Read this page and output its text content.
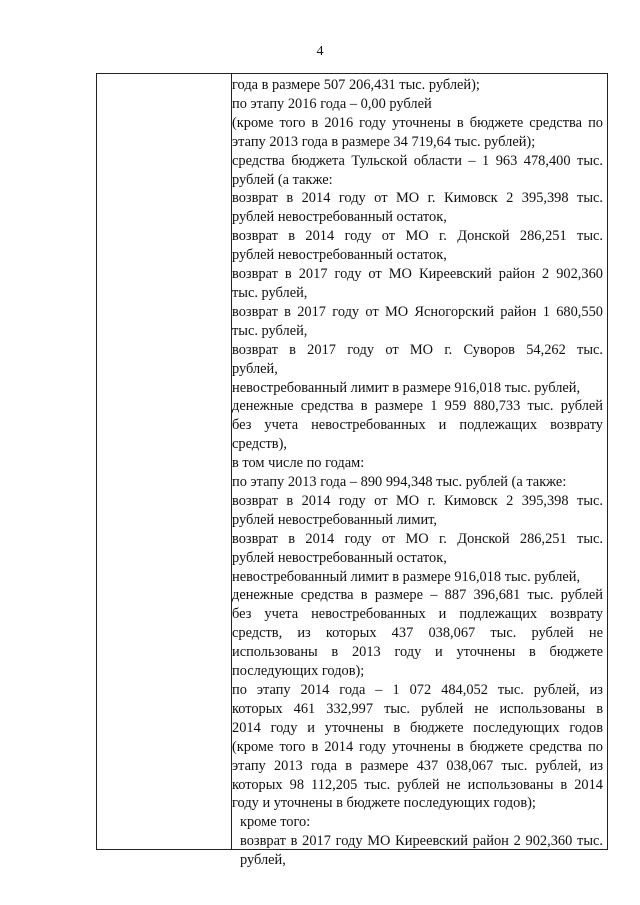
4
года в размере 507 206,431 тыс. рублей);
по этапу 2016 года – 0,00 рублей
(кроме того в 2016 году уточнены в бюджете средства по
этапу 2013 года в размере 34 719,64 тыс. рублей);
средства бюджета Тульской области – 1 963 478,400 тыс.
рублей (а также:
возврат в 2014 году от МО г. Кимовск 2 395,398 тыс.
рублей невостребованный остаток,
возврат в 2014 году от МО г. Донской 286,251 тыс.
рублей невостребованный остаток,
возврат в 2017 году от МО Киреевский район 2 902,360
тыс. рублей,
возврат в 2017 году от МО Ясногорский район 1 680,550
тыс. рублей,
возврат в 2017 году от МО г. Суворов 54,262 тыс.
рублей,
невостребованный лимит в размере 916,018 тыс. рублей,
денежные средства в размере 1 959 880,733 тыс. рублей
без учета невостребованных и подлежащих возврату
средств),
в том числе по годам:
по этапу 2013 года – 890 994,348 тыс. рублей (а также:
возврат в 2014 году от МО г. Кимовск 2 395,398 тыс.
рублей невостребованный лимит,
возврат в 2014 году от МО г. Донской 286,251 тыс.
рублей невостребованный остаток,
невостребованный лимит в размере 916,018 тыс. рублей,
денежные средства в размере – 887 396,681 тыс. рублей
без учета невостребованных и подлежащих возврату
средств, из которых 437 038,067 тыс. рублей не
использованы в 2013 году и уточнены в бюджете
последующих годов);
по этапу 2014 года – 1 072 484,052 тыс. рублей, из
которых 461 332,997 тыс. рублей не использованы в
2014 году и уточнены в бюджете последующих годов
(кроме того в 2014 году уточнены в бюджете средства по
этапу 2013 года в размере 437 038,067 тыс. рублей, из
которых 98 112,205 тыс. рублей не использованы в 2014
году и уточнены в бюджете последующих годов);
кроме того:
возврат в 2017 году МО Киреевский район 2 902,360 тыс.
рублей,
